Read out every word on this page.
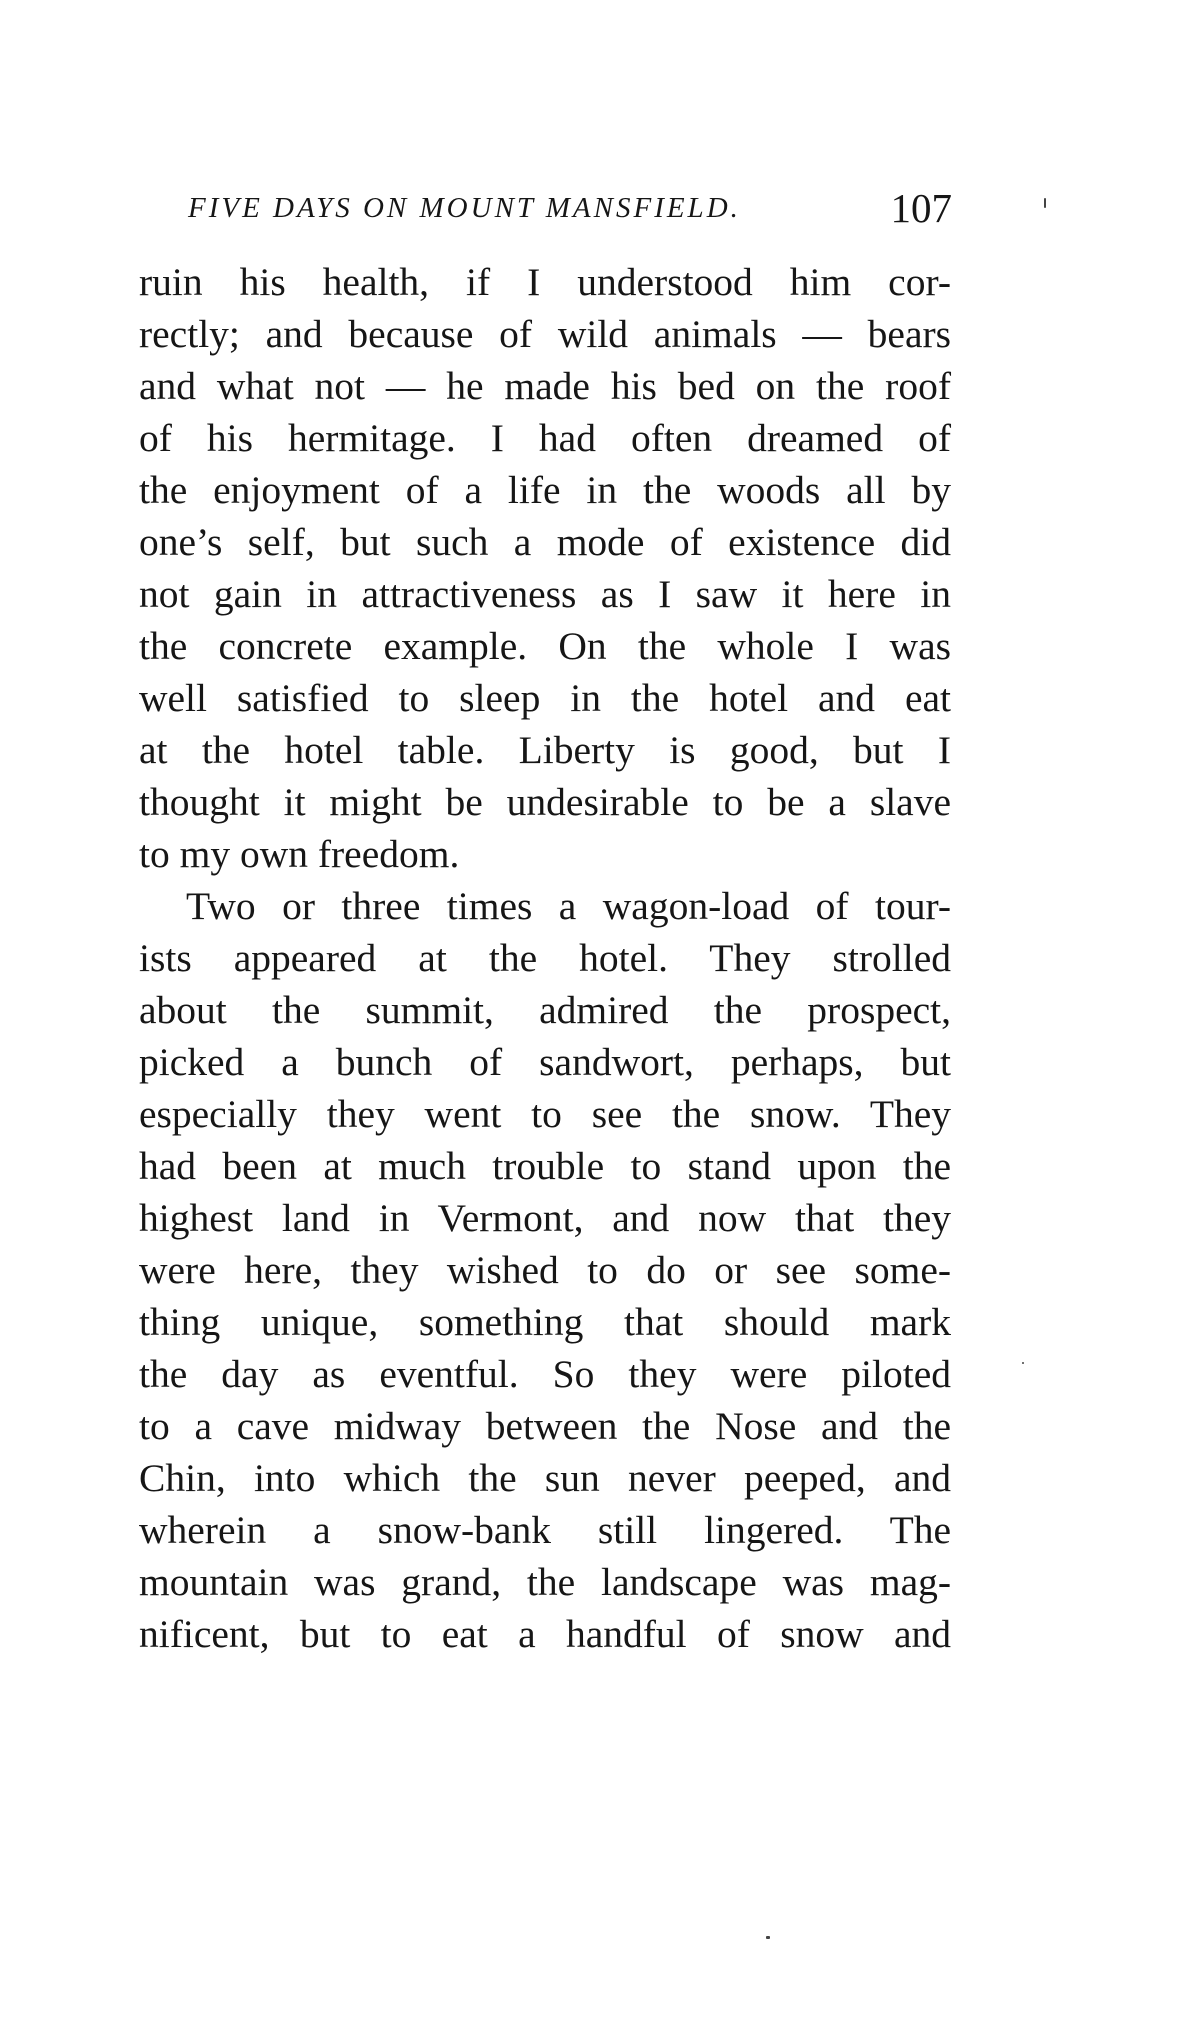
FIVE DAYS ON MOUNT MANSFIELD.	107
ruin his health, if I understood him cor-
rectly; and because of wild animals — bears
and what not — he made his bed on the roof
of his hermitage. I had often dreamed of
the enjoyment of a life in the woods all by
one’s self, but such a mode of existence did
not gain in attractiveness as I saw it here in
the concrete example. On the whole I was
well satisfied to sleep in the hotel and eat
at the hotel table. Liberty is good, but I
thought it might be undesirable to be a slave
to my own freedom.
Two or three times a wagon-load of tour-
ists appeared at the hotel. They strolled
about the summit, admired the prospect,
picked a bunch of sandwort, perhaps, but
especially they went to see the snow. They
had been at much trouble to stand upon the
highest land in Vermont, and now that they
were here, they wished to do or see some-
thing unique, something that should mark
the day as eventful. So they were piloted
to a cave midway between the Nose and the
Chin, into which the sun never peeped, and
wherein a snow-bank still lingered. The
mountain was grand, the landscape was mag-
nificent, but to eat a handful of snow and
